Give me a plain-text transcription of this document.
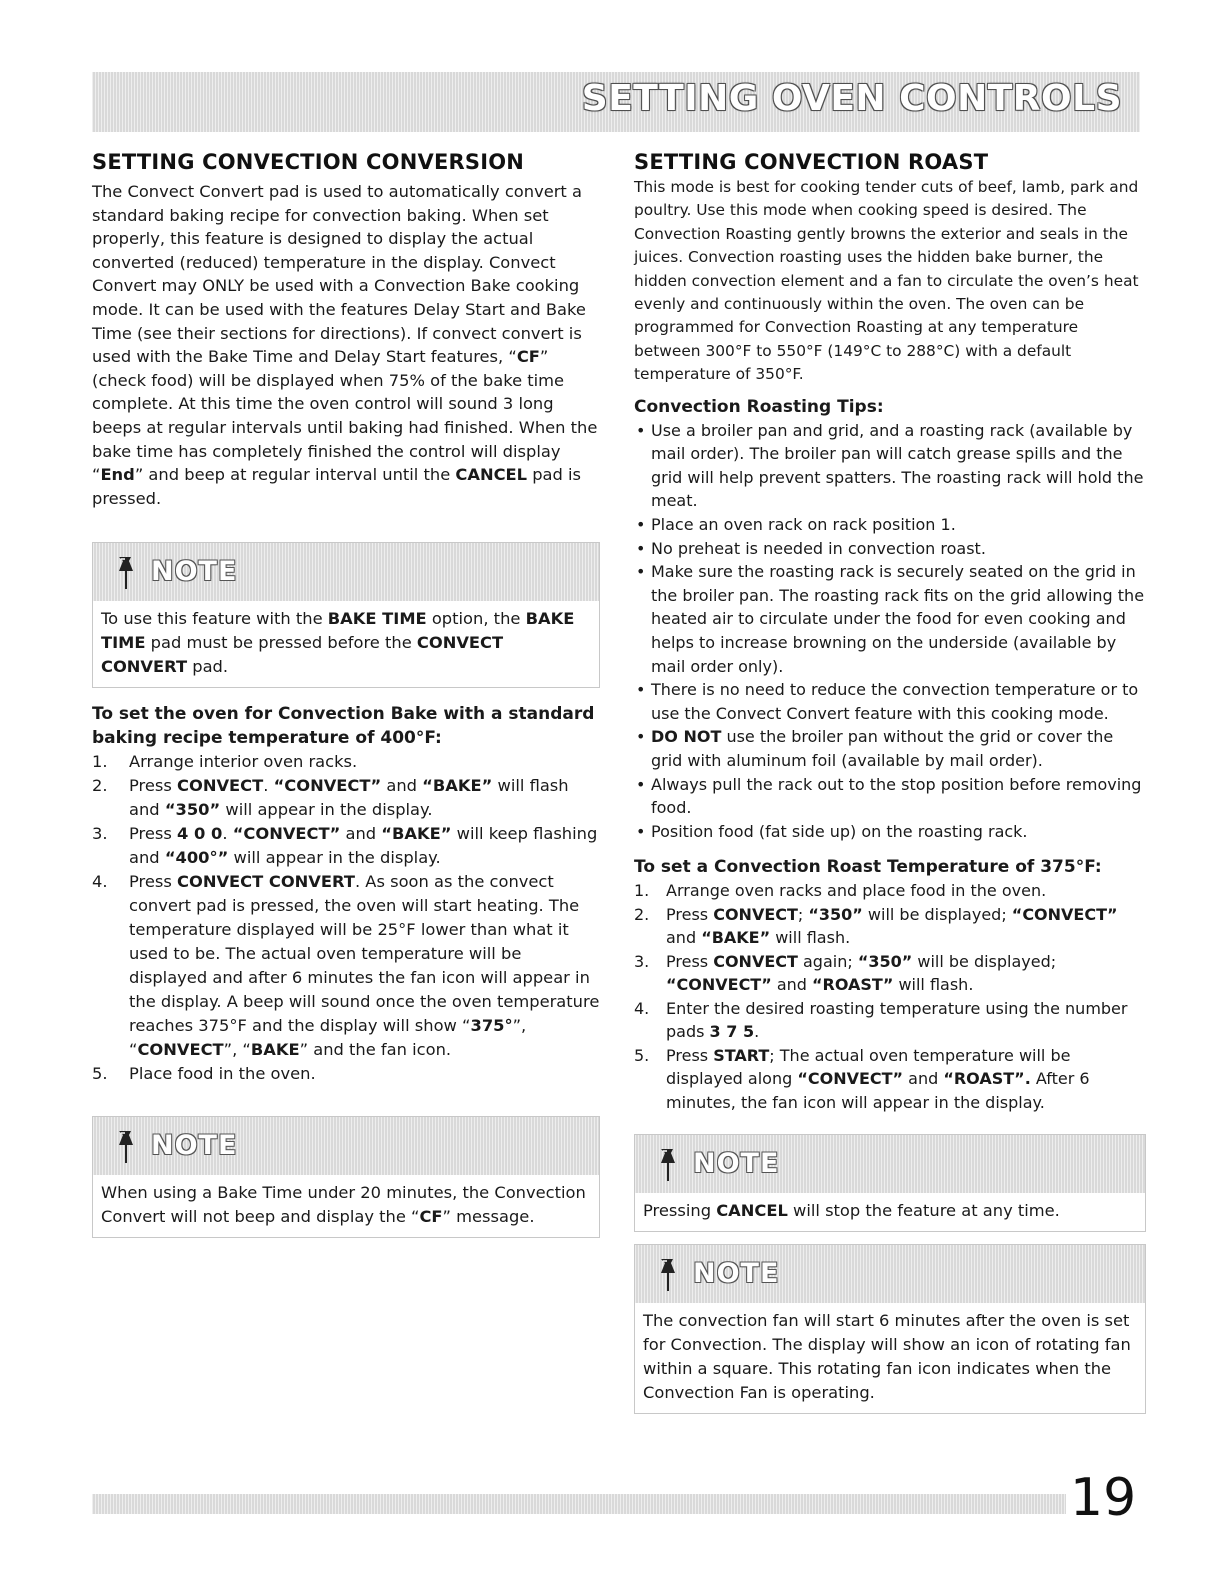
SETTING OVEN CONTROLS
SETTING CONVECTION CONVERSION

The Convect Convert pad is used to automatically convert a standard baking recipe for convection baking. When set properly, this feature is designed to display the actual converted (reduced) temperature in the display. Convect Convert may ONLY be used with a Convection Bake cooking mode. It can be used with the features Delay Start and Bake Time (see their sections for directions). If convect convert is used with the Bake Time and Delay Start features, “CF” (check food) will be displayed when 75% of the bake time complete. At this time the oven control will sound 3 long beeps at regular intervals until baking had finished. When the bake time has completely finished the control will display “End” and beep at regular interval until the CANCEL pad is pressed.

NOTE
To use this feature with the BAKE TIME option, the BAKE TIME pad must be pressed before the CONVECT CONVERT pad.

To set the oven for Convection Bake with a standard baking recipe temperature of 400°F:

1. Arrange interior oven racks.
2. Press CONVECT. “CONVECT” and “BAKE” will flash and “350” will appear in the display.
3. Press 4 0 0. “CONVECT” and “BAKE” will keep flashing and “400°” will appear in the display.
4. Press CONVECT CONVERT. As soon as the convect convert pad is pressed, the oven will start heating. The temperature displayed will be 25°F lower than what it used to be. The actual oven temperature will be displayed and after 6 minutes the fan icon will appear in the display. A beep will sound once the oven temperature reaches 375°F and the display will show “375°”, “CONVECT”, “BAKE” and the fan icon.
5. Place food in the oven.
NOTE
When using a Bake Time under 20 minutes, the Convection Convert will not beep and display the “CF” message.
SETTING CONVECTION ROAST

This mode is best for cooking tender cuts of beef, lamb, park and poultry. Use this mode when cooking speed is desired. The Convection Roasting gently browns the exterior and seals in the juices. Convection roasting uses the hidden bake burner, the hidden convection element and a fan to circulate the oven’s heat evenly and continuously within the oven. The oven can be programmed for Convection Roasting at any temperature between 300°F to 550°F (149°C to 288°C) with a default temperature of 350°F.

Convection Roasting Tips:

• Use a broiler pan and grid, and a roasting rack (available by mail order). The broiler pan will catch grease spills and the grid will help prevent spatters. The roasting rack will hold the meat.
• Place an oven rack on rack position 1.
• No preheat is needed in convection roast.
• Make sure the roasting rack is securely seated on the grid in the broiler pan. The roasting rack fits on the grid allowing the heated air to circulate under the food for even cooking and helps to increase browning on the underside (available by mail order only).
• There is no need to reduce the convection temperature or to use the Convect Convert feature with this cooking mode.
• DO NOT use the broiler pan without the grid or cover the grid with aluminum foil (available by mail order).
• Always pull the rack out to the stop position before removing food.
• Position food (fat side up) on the roasting rack.

To set a Convection Roast Temperature of 375°F:

1. Arrange oven racks and place food in the oven.
2. Press CONVECT; “350” will be displayed; “CONVECT” and “BAKE” will flash.
3. Press CONVECT again; “350” will be displayed; “CONVECT” and “ROAST” will flash.
4. Enter the desired roasting temperature using the number pads 3 7 5.
5. Press START; The actual oven temperature will be displayed along “CONVECT” and “ROAST”. After 6 minutes, the fan icon will appear in the display.
NOTE
Pressing CANCEL will stop the feature at any time.
NOTE
The convection fan will start 6 minutes after the oven is set for Convection. The display will show an icon of rotating fan within a square. This rotating fan icon indicates when the Convection Fan is operating.
19
